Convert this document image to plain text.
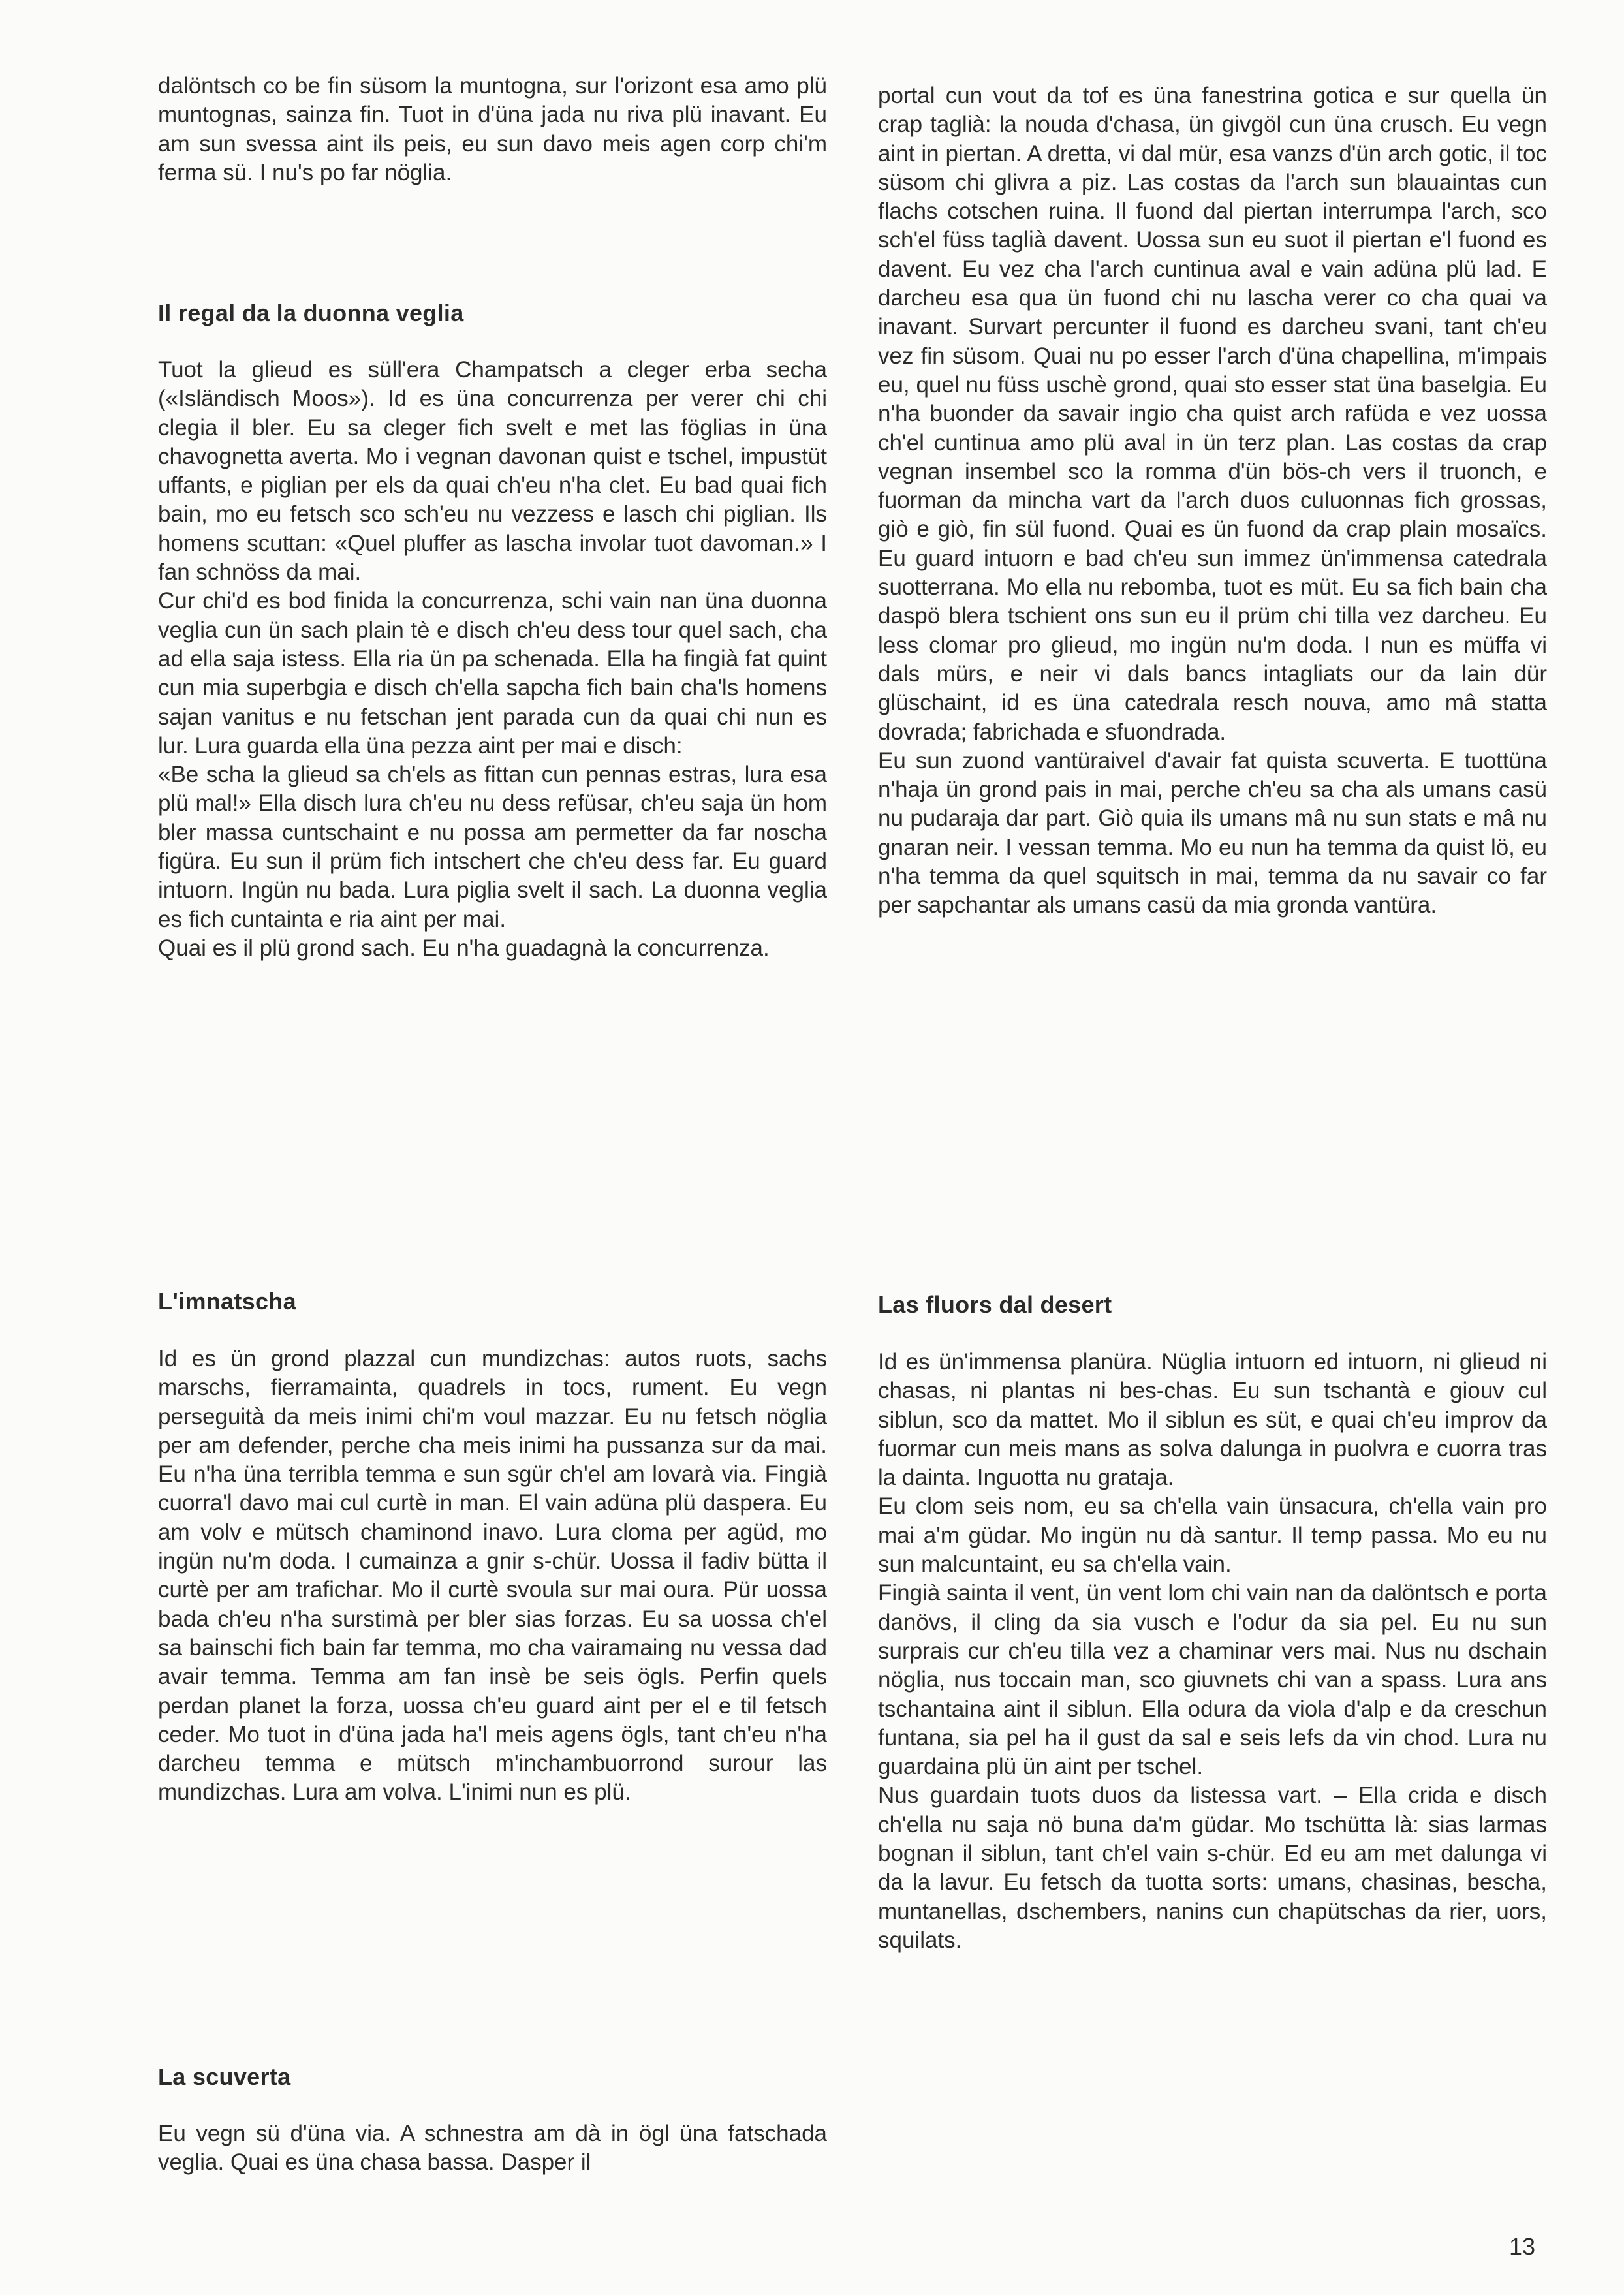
dalöntsch co be fin süsom la muntogna, sur l'orizont esa amo plü muntognas, sainza fin. Tuot in d'üna jada nu riva plü inavant. Eu am sun svessa aint ils peis, eu sun davo meis agen corp chi'm ferma sü. I nu's po far nöglia.

Il regal da la duonna veglia

Tuot la glieud es süll'era Champatsch a cleger erba secha («Isländisch Moos»). Id es üna concurrenza per verer chi chi clegia il bler. Eu sa cleger fich svelt e met las föglias in üna chavognetta averta. Mo i vegnan davonan quist e tschel, impustüt uffants, e piglian per els da quai ch'eu n'ha clet. Eu bad quai fich bain, mo eu fetsch sco sch'eu nu vezzess e lasch chi piglian. Ils homens scuttan: «Quel pluffer as lascha involar tuot davoman.» I fan schnöss da mai.

Cur chi'd es bod finida la concurrenza, schi vain nan üna duonna veglia cun ün sach plain tè e disch ch'eu dess tour quel sach, cha ad ella saja istess. Ella ria ün pa schenada. Ella ha fingià fat quint cun mia superbgia e disch ch'ella sapcha fich bain cha'ls homens sajan vanitus e nu fetschan jent parada cun da quai chi nun es lur. Lura guarda ella üna pezza aint per mai e disch:

«Be scha la glieud sa ch'els as fittan cun pennas estras, lura esa plü mal!» Ella disch lura ch'eu nu dess refüsar, ch'eu saja ün hom bler massa cuntschaint e nu possa am permetter da far noscha figüra. Eu sun il prüm fich intschert che ch'eu dess far. Eu guard intuorn. Ingün nu bada. Lura piglia svelt il sach. La duonna veglia es fich cuntainta e ria aint per mai.

Quai es il plü grond sach. Eu n'ha guadagnà la concurrenza.

L'imnatscha

Id es ün grond plazzal cun mundizchas: autos ruots, sachs marschs, fierramainta, quadrels in tocs, rument. Eu vegn perseguità da meis inimi chi'm voul mazzar. Eu nu fetsch nöglia per am defender, perche cha meis inimi ha pussanza sur da mai. Eu n'ha üna terribla temma e sun sgür ch'el am lovarà via. Fingià cuorra'l davo mai cul curtè in man. El vain adüna plü daspera. Eu am volv e mütsch chaminond inavo. Lura cloma per agüd, mo ingün nu'm doda. I cumainza a gnir s-chür. Uossa il fadiv bütta il curtè per am trafichar. Mo il curtè svoula sur mai oura. Pür uossa bada ch'eu n'ha surstimà per bler sias forzas. Eu sa uossa ch'el sa bainschi fich bain far temma, mo cha vairamaing nu vessa dad avair temma. Temma am fan insè be seis ögls. Perfin quels perdan planet la forza, uossa ch'eu guard aint per el e til fetsch ceder. Mo tuot in d'üna jada ha'l meis agens ögls, tant ch'eu n'ha darcheu temma e mütsch m'inchambuorrond surour las mundizchas. Lura am volva. L'inimi nun es plü.

La scuverta

Eu vegn sü d'üna via. A schnestra am dà in ögl üna fatschada veglia. Quai es üna chasa bassa. Dasper il

portal cun vout da tof es üna fanestrina gotica e sur quella ün crap taglià: la nouda d'chasa, ün givgöl cun üna crusch. Eu vegn aint in piertan. A dretta, vi dal mür, esa vanzs d'ün arch gotic, il toc süsom chi glivra a piz. Las costas da l'arch sun blauaintas cun flachs cotschen ruina. Il fuond dal piertan interrumpa l'arch, sco sch'el füss taglià davent. Uossa sun eu suot il piertan e'l fuond es davent. Eu vez cha l'arch cuntinua aval e vain adüna plü lad. E darcheu esa qua ün fuond chi nu lascha verer co cha quai va inavant. Survart percunter il fuond es darcheu svani, tant ch'eu vez fin süsom. Quai nu po esser l'arch d'üna chapellina, m'impais eu, quel nu füss uschè grond, quai sto esser stat üna baselgia. Eu n'ha buonder da savair ingio cha quist arch rafüda e vez uossa ch'el cuntinua amo plü aval in ün terz plan. Las costas da crap vegnan insembel sco la romma d'ün bös-ch vers il truonch, e fuorman da mincha vart da l'arch duos culuonnas fich grossas, giò e giò, fin sül fuond. Quai es ün fuond da crap plain mosaïcs. Eu guard intuorn e bad ch'eu sun immez ün'immensa catedrala suotterrana. Mo ella nu rebomba, tuot es müt. Eu sa fich bain cha daspö blera tschient ons sun eu il prüm chi tilla vez darcheu. Eu less clomar pro glieud, mo ingün nu'm doda. I nun es müffa vi dals mürs, e neir vi dals bancs intagliats our da lain dür glüschaint, id es üna catedrala resch nouva, amo mâ statta dovrada; fabrichada e sfuondrada.

Eu sun zuond vantüraivel d'avair fat quista scuverta. E tuottüna n'haja ün grond pais in mai, perche ch'eu sa cha als umans casü nu pudaraja dar part. Giò quia ils umans mâ nu sun stats e mâ nu gnaran neir. I vessan temma. Mo eu nun ha temma da quist lö, eu n'ha temma da quel squitsch in mai, temma da nu savair co far per sapchantar als umans casü da mia gronda vantüra.

Las fluors dal desert

Id es ün'immensa planüra. Nüglia intuorn ed intuorn, ni glieud ni chasas, ni plantas ni bes-chas. Eu sun tschantà e giouv cul siblun, sco da mattet. Mo il siblun es süt, e quai ch'eu improv da fuormar cun meis mans as solva dalunga in puolvra e cuorra tras la dainta. Inguotta nu grataja.

Eu clom seis nom, eu sa ch'ella vain ünsacura, ch'ella vain pro mai a'm güdar. Mo ingün nu dà santur. Il temp passa. Mo eu nu sun malcuntaint, eu sa ch'ella vain.

Fingià sainta il vent, ün vent lom chi vain nan da dalöntsch e porta danövs, il cling da sia vusch e l'odur da sia pel. Eu nu sun surprais cur ch'eu tilla vez a chaminar vers mai. Nus nu dschain nöglia, nus toccain man, sco giuvnets chi van a spass. Lura ans tschantaina aint il siblun. Ella odura da viola d'alp e da creschun funtana, sia pel ha il gust da sal e seis lefs da vin chod. Lura nu guardaina plü ün aint per tschel.

Nus guardain tuots duos da listessa vart. – Ella crida e disch ch'ella nu saja nö buna da'm güdar. Mo tschütta là: sias larmas bognan il siblun, tant ch'el vain s-chür. Ed eu am met dalunga vi da la lavur. Eu fetsch da tuotta sorts: umans, chasinas, bescha, muntanellas, dschembers, nanins cun chapütschas da rier, uors, squilats.

13
